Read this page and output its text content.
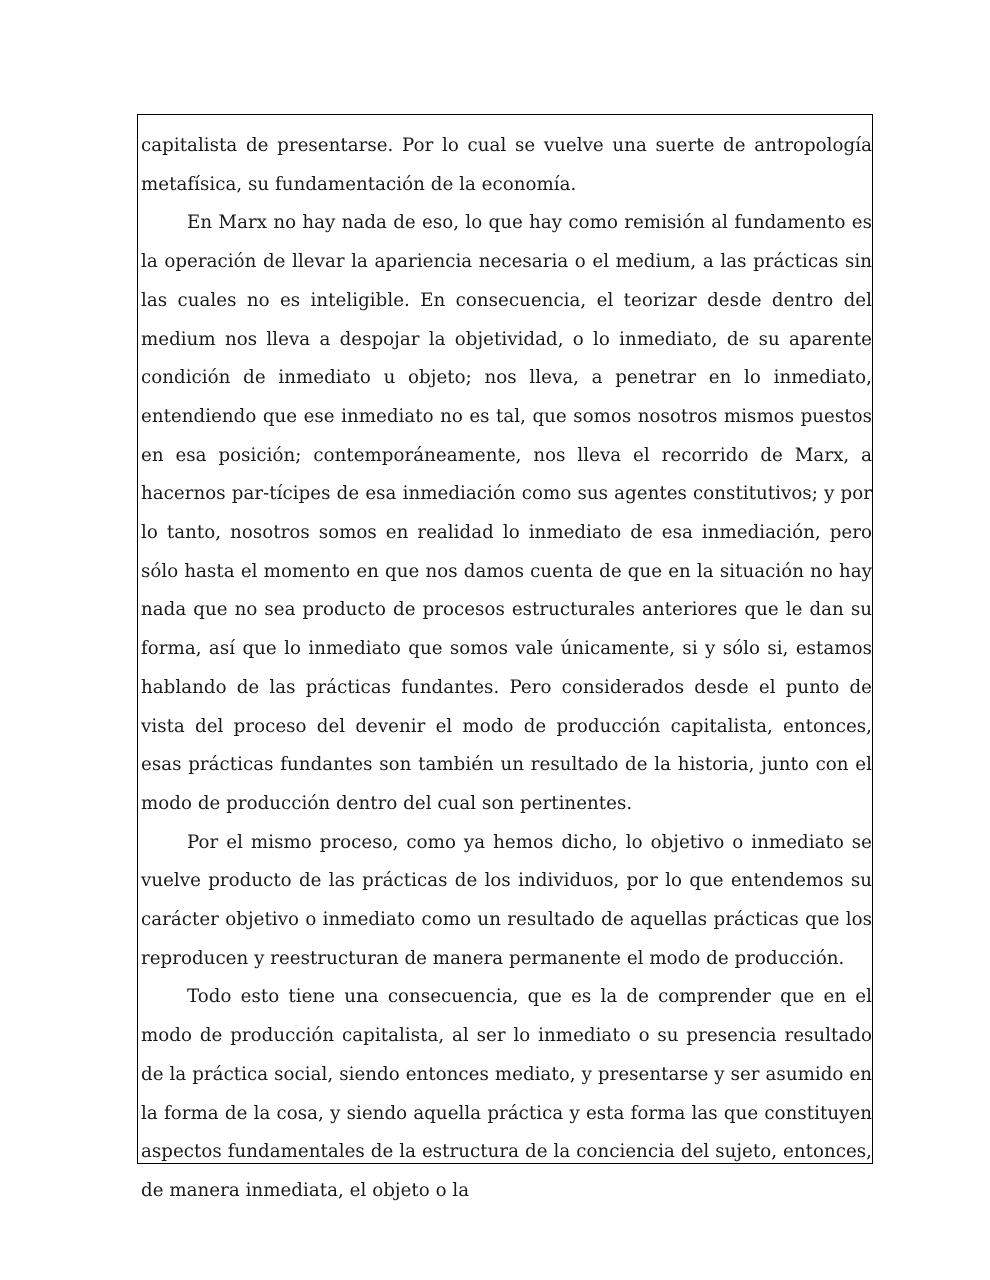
capitalista de presentarse. Por lo cual se vuelve una suerte de antropología metafísica, su fundamentación de la economía.

En Marx no hay nada de eso, lo que hay como remisión al fundamento es la operación de llevar la apariencia necesaria o el medium, a las prácticas sin las cuales no es inteligible. En consecuencia, el teorizar desde dentro del medium nos lleva a despojar la objetividad, o lo inmediato, de su aparente condición de inmediato u objeto; nos lleva, a penetrar en lo inmediato, entendiendo que ese inmediato no es tal, que somos nosotros mismos puestos en esa posición; contemporáneamente, nos lleva el recorrido de Marx, a hacernos par-tícipes de esa inmediación como sus agentes constitutivos; y por lo tanto, nosotros somos en realidad lo inmediato de esa inmediación, pero sólo hasta el momento en que nos damos cuenta de que en la situación no hay nada que no sea producto de procesos estructurales anteriores que le dan su forma, así que lo inmediato que somos vale únicamente, si y sólo si, estamos hablando de las prácticas fundantes. Pero considerados desde el punto de vista del proceso del devenir el modo de producción capitalista, entonces, esas prácticas fundantes son también un resultado de la historia, junto con el modo de producción dentro del cual son pertinentes.

Por el mismo proceso, como ya hemos dicho, lo objetivo o inmediato se vuelve producto de las prácticas de los individuos, por lo que entendemos su carácter objetivo o inmediato como un resultado de aquellas prácticas que los reproducen y reestructuran de manera permanente el modo de producción.

Todo esto tiene una consecuencia, que es la de comprender que en el modo de producción capitalista, al ser lo inmediato o su presencia resultado de la práctica social, siendo entonces mediato, y presentarse y ser asumido en la forma de la cosa, y siendo aquella práctica y esta forma las que constituyen aspectos fundamentales de la estructura de la conciencia del sujeto, entonces, de manera inmediata, el objeto o la
